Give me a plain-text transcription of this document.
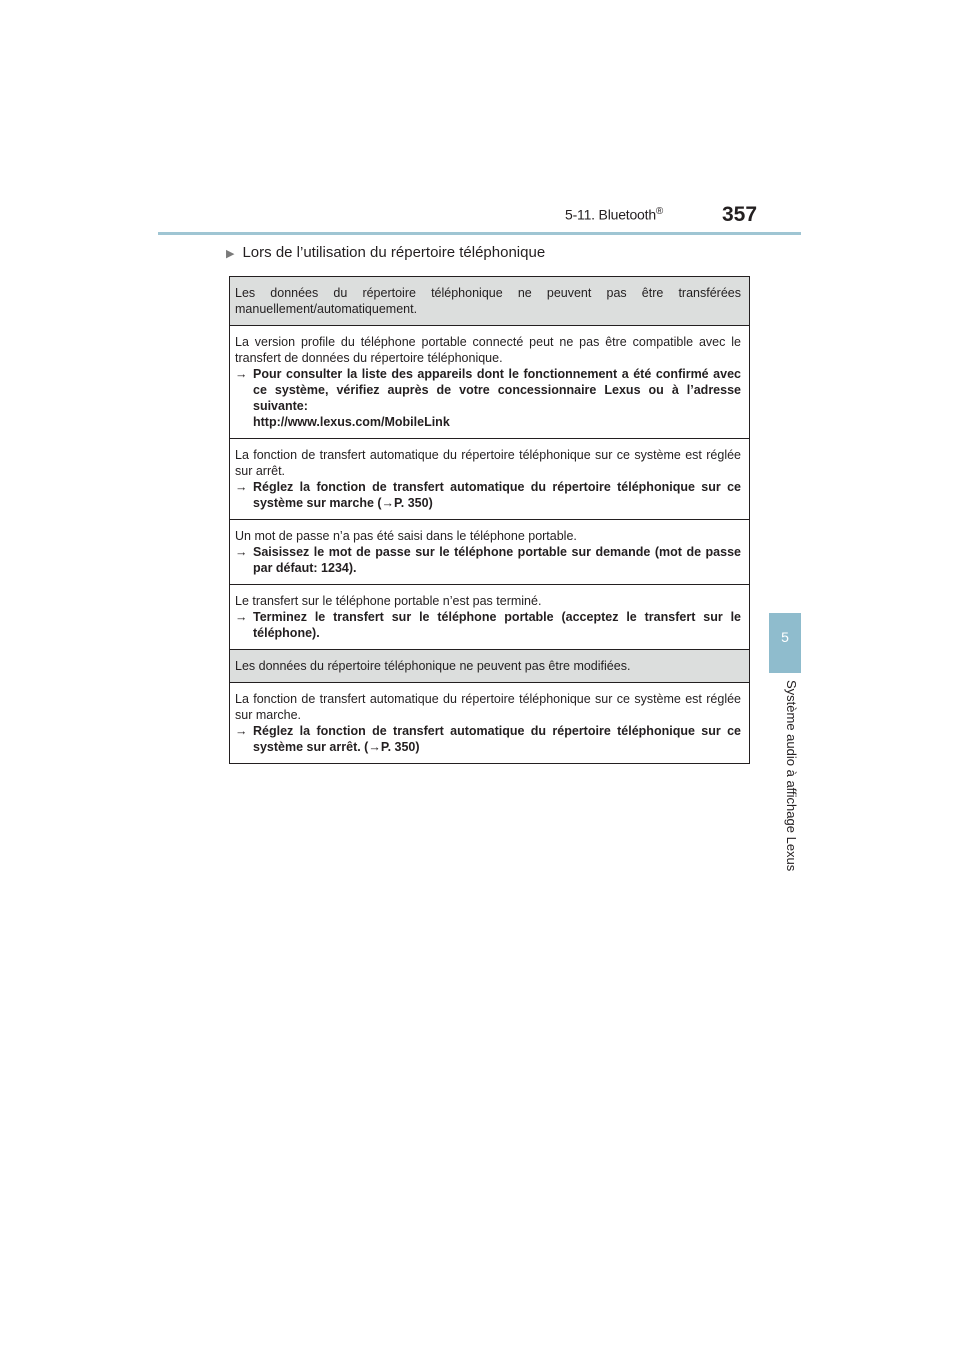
5-11. Bluetooth®	357
5
Système audio à affichage Lexus
▶ Lors de l’utilisation du répertoire téléphonique
Les données du répertoire téléphonique ne peuvent pas être transférées manuellement/automatiquement.
La version profile du téléphone portable connecté peut ne pas être compatible avec le transfert de données du répertoire téléphonique.
→ Pour consulter la liste des appareils dont le fonctionnement a été confirmé avec ce système, vérifiez auprès de votre concessionnaire Lexus ou à l’adresse suivante:
http://www.lexus.com/MobileLink
La fonction de transfert automatique du répertoire téléphonique sur ce système est réglée sur arrêt.
→ Réglez la fonction de transfert automatique du répertoire téléphonique sur ce système sur marche (→P. 350)
Un mot de passe n’a pas été saisi dans le téléphone portable.
→ Saisissez le mot de passe sur le téléphone portable sur demande (mot de passe par défaut: 1234).
Le transfert sur le téléphone portable n’est pas terminé.
→ Terminez le transfert sur le téléphone portable (acceptez le transfert sur le téléphone).
Les données du répertoire téléphonique ne peuvent pas être modifiées.
La fonction de transfert automatique du répertoire téléphonique sur ce système est réglée sur marche.
→ Réglez la fonction de transfert automatique du répertoire téléphonique sur ce système sur arrêt. (→P. 350)
